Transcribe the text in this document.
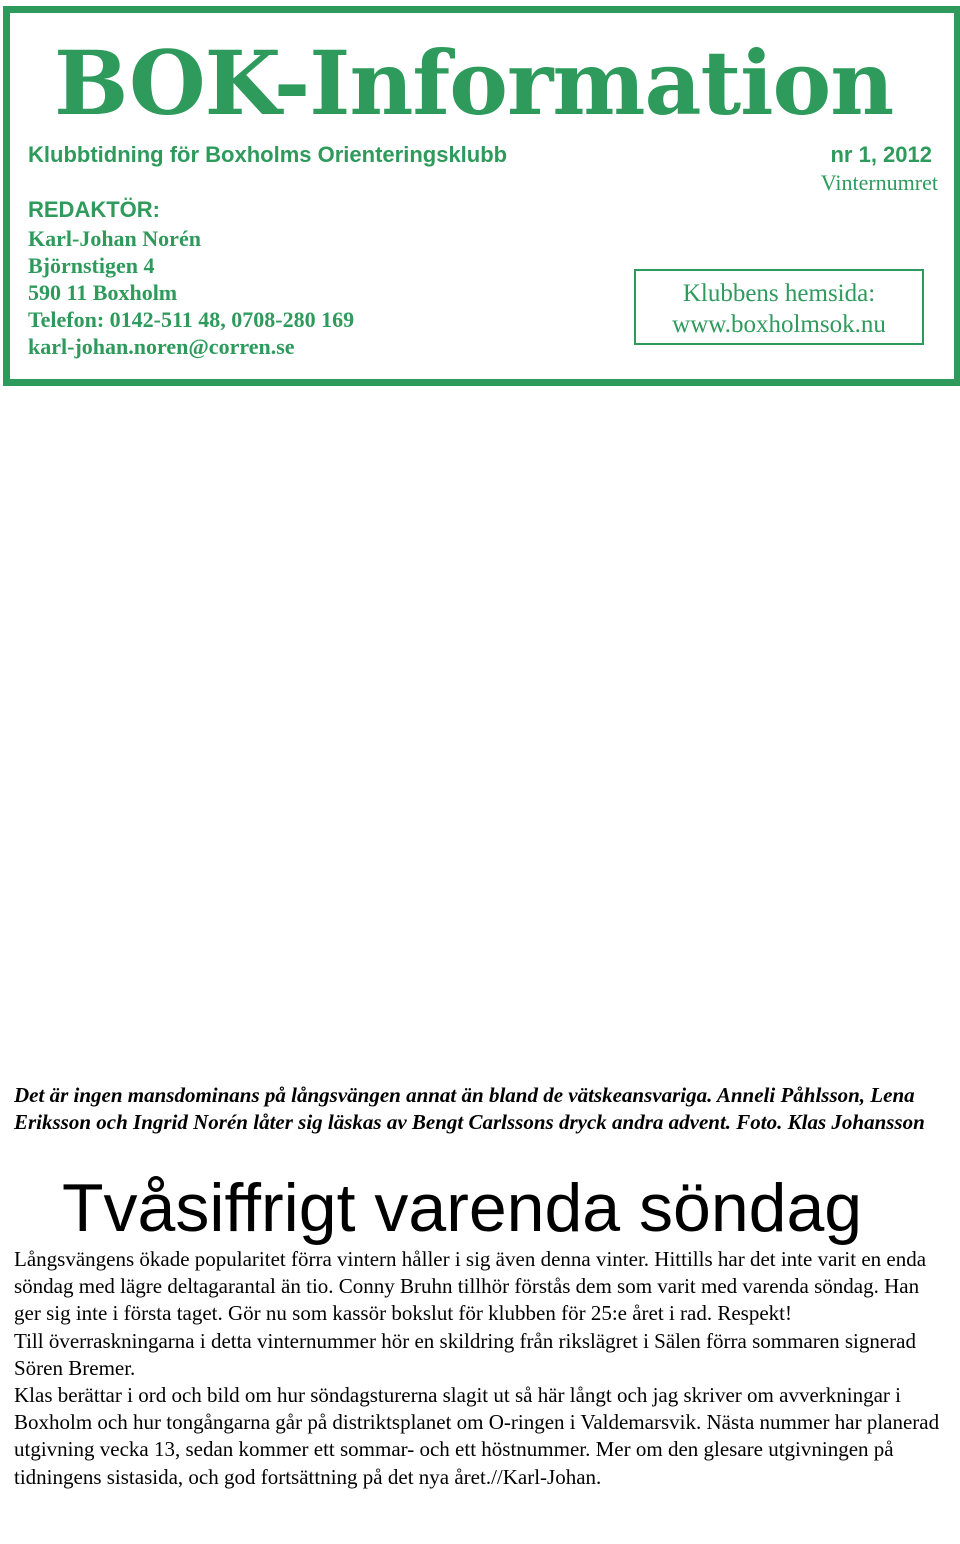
BOK-Information
Klubbtidning för Boxholms Orienteringsklubb	nr 1, 2012
Vinternumret
REDAKTÖR:
Karl-Johan Norén
Björnstigen 4
590 11 Boxholm
Telefon: 0142-511 48, 0708-280 169
karl-johan.noren@corren.se
Klubbens hemsida:
www.boxholmsok.nu
Det är ingen mansdominans på långsvängen annat än bland de vätskeansvariga. Anneli Påhlsson, Lena Eriksson och Ingrid Norén låter sig läskas av Bengt Carlssons dryck andra advent. Foto. Klas Johansson
Tvåsiffrigt varenda söndag

Långsvängens ökade popularitet förra vintern håller i sig även denna vinter. Hittills har det inte varit en enda söndag med lägre deltagarantal än tio. Conny Bruhn tillhör förstås dem som varit med varenda söndag. Han ger sig inte i första taget. Gör nu som kassör bokslut för klubben för 25:e året i rad. Respekt!

Till överraskningarna i detta vinternummer hör en skildring från rikslägret i Sälen förra sommaren signerad Sören Bremer.

Klas berättar i ord och bild om hur söndagsturerna slagit ut så här långt och jag skriver om avverkningar i Boxholm och hur tongångarna går på distriktsplanet om O-ringen i Valdemarsvik. Nästa nummer har planerad utgivning vecka 13, sedan kommer ett sommar- och ett höstnummer. Mer om den glesare utgivningen på tidningens sistasida, och god fortsättning på det nya året.//Karl-Johan.
